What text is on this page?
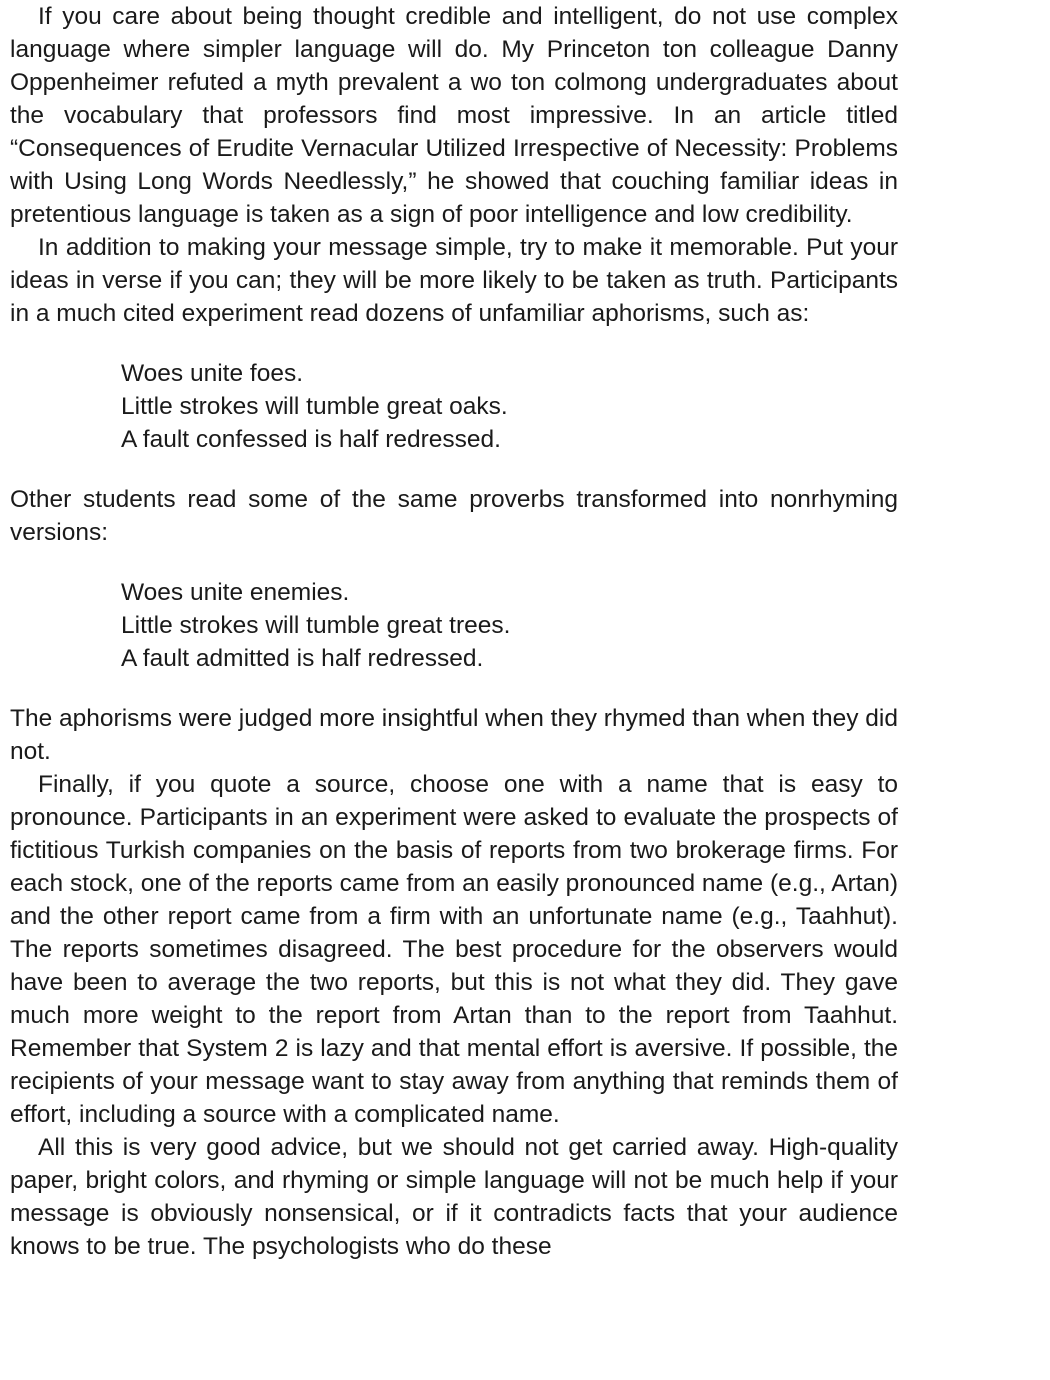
If you care about being thought credible and intelligent, do not use complex language where simpler language will do. My Princeton ton colleague Danny Oppenheimer refuted a myth prevalent a wo ton colmong undergraduates about the vocabulary that professors find most impressive. In an article titled “Consequences of Erudite Vernacular Utilized Irrespective of Necessity: Problems with Using Long Words Needlessly,” he showed that couching familiar ideas in pretentious language is taken as a sign of poor intelligence and low credibility.

In addition to making your message simple, try to make it memorable. Put your ideas in verse if you can; they will be more likely to be taken as truth. Participants in a much cited experiment read dozens of unfamiliar aphorisms, such as:

Woes unite foes.
Little strokes will tumble great oaks.
A fault confessed is half redressed.

Other students read some of the same proverbs transformed into nonrhyming versions:

Woes unite enemies.
Little strokes will tumble great trees.
A fault admitted is half redressed.

The aphorisms were judged more insightful when they rhymed than when they did not.

Finally, if you quote a source, choose one with a name that is easy to pronounce. Participants in an experiment were asked to evaluate the prospects of fictitious Turkish companies on the basis of reports from two brokerage firms. For each stock, one of the reports came from an easily pronounced name (e.g., Artan) and the other report came from a firm with an unfortunate name (e.g., Taahhut). The reports sometimes disagreed. The best procedure for the observers would have been to average the two reports, but this is not what they did. They gave much more weight to the report from Artan than to the report from Taahhut. Remember that System 2 is lazy and that mental effort is aversive. If possible, the recipients of your message want to stay away from anything that reminds them of effort, including a source with a complicated name.

All this is very good advice, but we should not get carried away. High-quality paper, bright colors, and rhyming or simple language will not be much help if your message is obviously nonsensical, or if it contradicts facts that your audience knows to be true. The psychologists who do these
